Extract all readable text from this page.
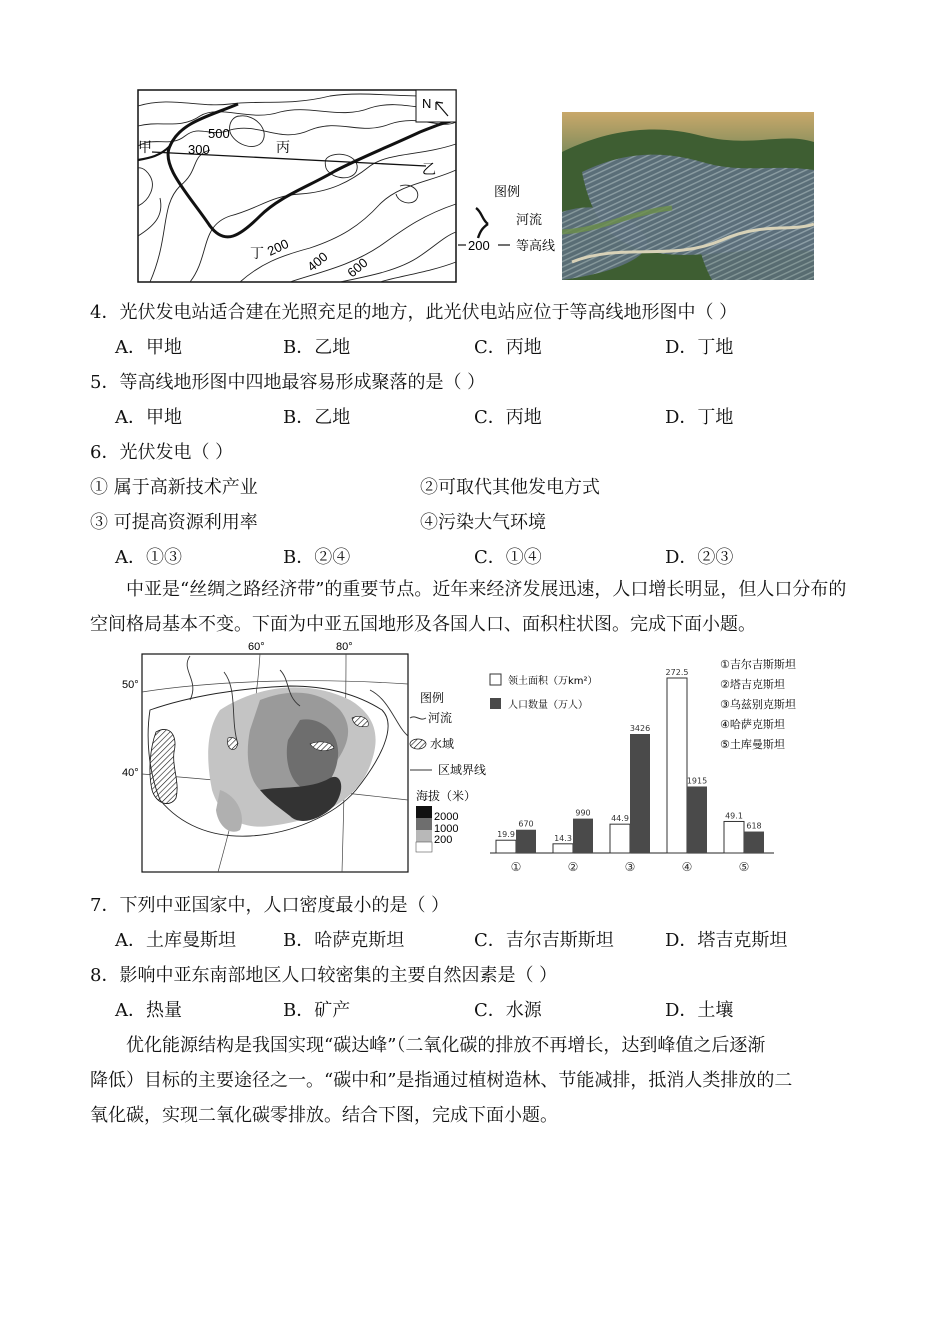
N
甲
乙
丙
丁
500
300
200
400 600
图例
河流
200 等高线
4．光伏发电站适合建在光照充足的地方，此光伏电站应位于等高线地形图中（ ）
A．甲地	B．乙地	C．丙地	D．丁地
5．等高线地形图中四地最容易形成聚落的是（ ）
A．甲地	B．乙地	C．丙地	D．丁地
6．光伏发电（ ）
① 属于高新技术产业	②可取代其他发电方式
③ 可提高资源利用率	④污染大气环境
A．①③	B．②④	C．①④	D．②③
中亚是“丝绸之路经济带”的重要节点。近年来经济发展迅速，人口增长明显，但人口分布的空间格局基本不变。下面为中亚五国地形及各国人口、面积柱状图。完成下面小题。
60°	80°
50°
40°
图例
河流
水域
区域界线
海拔（米）
2000
1000
200
领土面积（万km²）
人口数量（万人）
①吉尔吉斯斯坦
②塔吉克斯坦
③乌兹别克斯坦
④哈萨克斯坦
⑤土库曼斯坦
19.9
670
①
14.3
990
②
44.9
3426
③
272.5
1915
④
49.1
618
⑤
7．下列中亚国家中，人口密度最小的是（ ）
A．土库曼斯坦	B．哈萨克斯坦	C．吉尔吉斯斯坦	D．塔吉克斯坦
8．影响中亚东南部地区人口较密集的主要自然因素是（ ）
A．热量	B．矿产	C．水源	D．土壤
优化能源结构是我国实现“碳达峰”（二氧化碳的排放不再增长，达到峰值之后逐渐
降低）目标的主要途径之一。“碳中和”是指通过植树造林、节能减排，抵消人类排放的二
氧化碳，实现二氧化碳零排放。结合下图，完成下面小题。
